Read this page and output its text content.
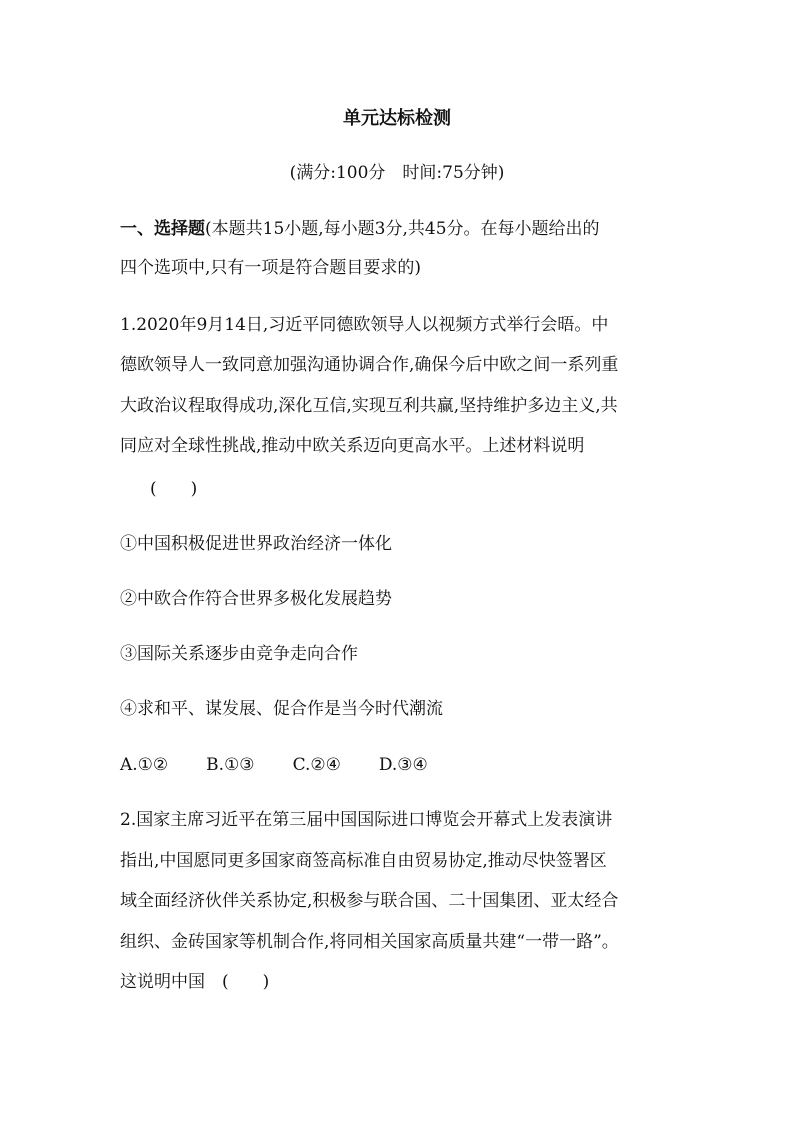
单元达标检测
(满分:100分　时间:75分钟)
一、选择题(本题共15小题,每小题3分,共45分。在每小题给出的
四个选项中,只有一项是符合题目要求的)
1.2020年9月14日,习近平同德欧领导人以视频方式举行会晤。中
德欧领导人一致同意加强沟通协调合作,确保今后中欧之间一系列重
大政治议程取得成功,深化互信,实现互利共赢,坚持维护多边主义,共
同应对全球性挑战,推动中欧关系迈向更高水平。上述材料说明
(　　)
①中国积极促进世界政治经济一体化
②中欧合作符合世界多极化发展趋势
③国际关系逐步由竞争走向合作
④求和平、谋发展、促合作是当今时代潮流
A.①② B.①③ C.②④ D.③④
2.国家主席习近平在第三届中国国际进口博览会开幕式上发表演讲
指出,中国愿同更多国家商签高标准自由贸易协定,推动尽快签署区
域全面经济伙伴关系协定,积极参与联合国、二十国集团、亚太经合
组织、金砖国家等机制合作,将同相关国家高质量共建“一带一路”。
这说明中国　(　　)
